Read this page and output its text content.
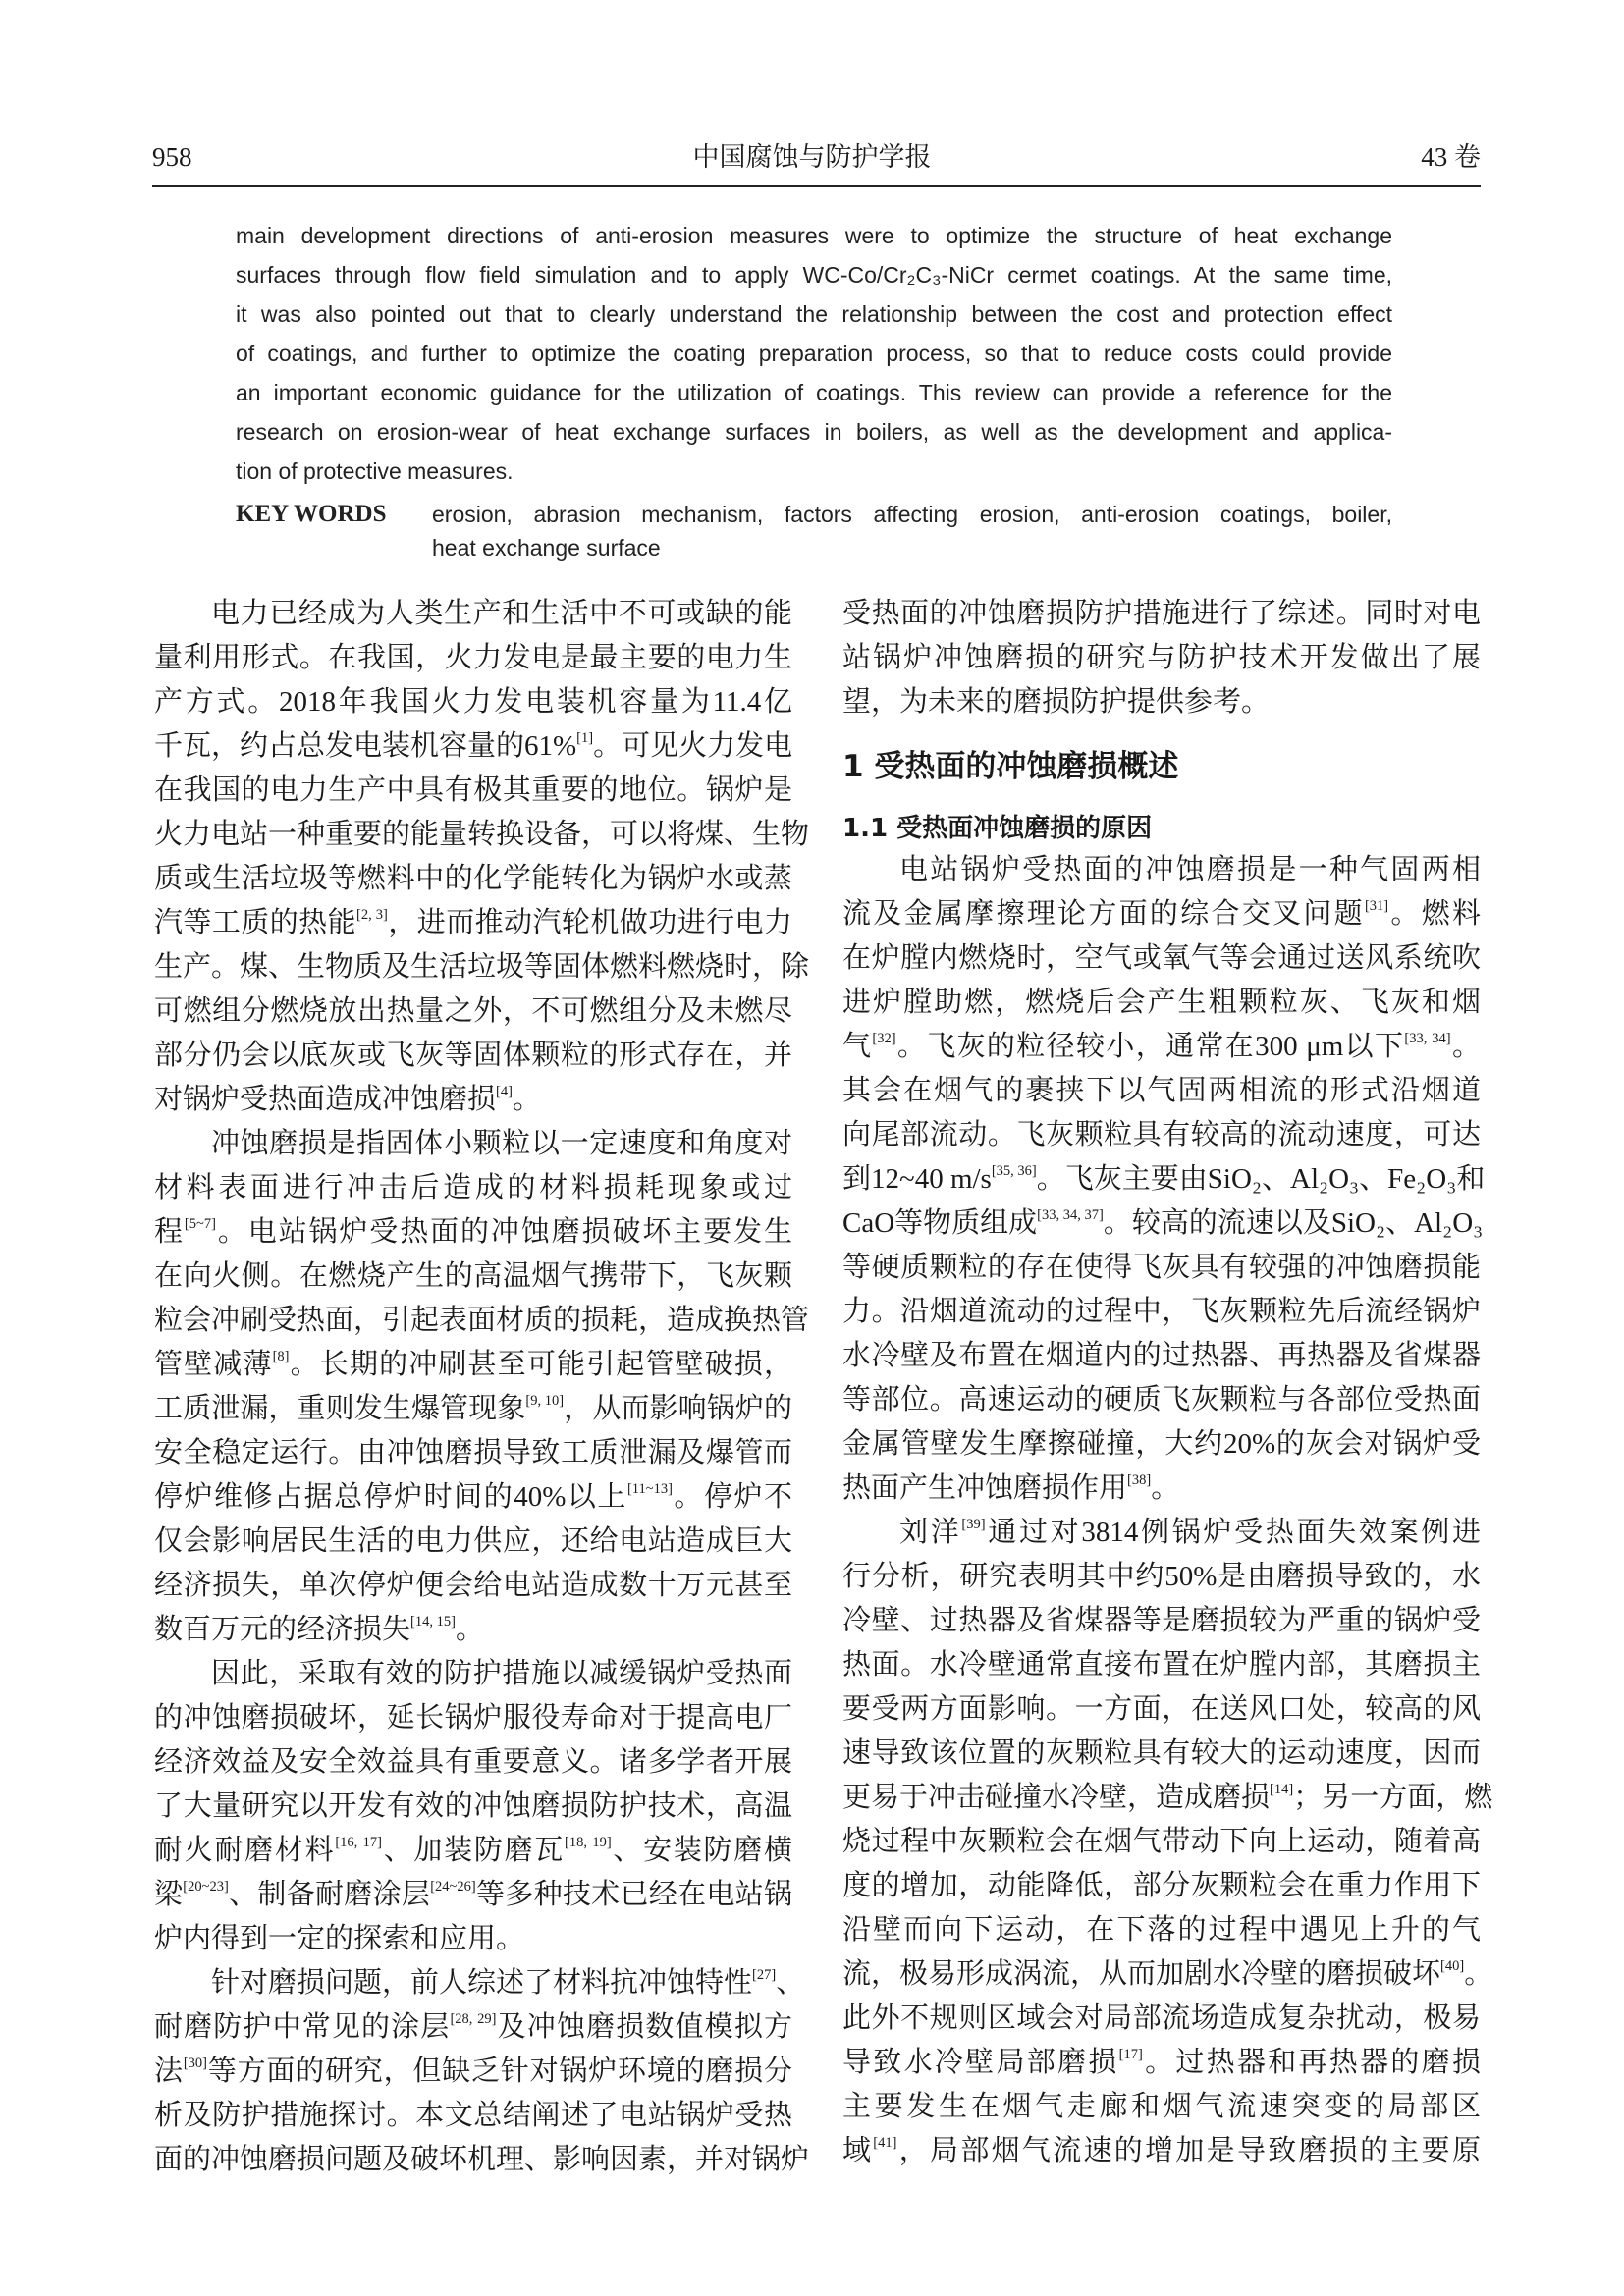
958	中国腐蚀与防护学报	43 卷
main development directions of anti-erosion measures were to optimize the structure of heat exchange
surfaces through flow field simulation and to apply WC-Co/Cr₂C₃-NiCr cermet coatings. At the same time,
it was also pointed out that to clearly understand the relationship between the cost and protection effect
of coatings, and further to optimize the coating preparation process, so that to reduce costs could provide
an important economic guidance for the utilization of coatings. This review can provide a reference for the
research on erosion-wear of heat exchange surfaces in boilers, as well as the development and applica-
tion of protective measures.
KEY WORDS erosion, abrasion mechanism, factors affecting erosion, anti-erosion coatings, boiler,
heat exchange surface
电力已经成为人类生产和生活中不可或缺的能
量利用形式。在我国，火力发电是最主要的电力生
产方式。2018年我国火力发电装机容量为11.4亿
千瓦，约占总发电装机容量的61%[1]。可见火力发电
在我国的电力生产中具有极其重要的地位。锅炉是
火力电站一种重要的能量转换设备，可以将煤、生物
质或生活垃圾等燃料中的化学能转化为锅炉水或蒸
汽等工质的热能[2, 3]，进而推动汽轮机做功进行电力
生产。煤、生物质及生活垃圾等固体燃料燃烧时，除
可燃组分燃烧放出热量之外，不可燃组分及未燃尽
部分仍会以底灰或飞灰等固体颗粒的形式存在，并
对锅炉受热面造成冲蚀磨损[4]。
冲蚀磨损是指固体小颗粒以一定速度和角度对
材料表面进行冲击后造成的材料损耗现象或过
程[5~7]。电站锅炉受热面的冲蚀磨损破坏主要发生
在向火侧。在燃烧产生的高温烟气携带下，飞灰颗
粒会冲刷受热面，引起表面材质的损耗，造成换热管
管壁减薄[8]。长期的冲刷甚至可能引起管壁破损，
工质泄漏，重则发生爆管现象[9, 10]，从而影响锅炉的
安全稳定运行。由冲蚀磨损导致工质泄漏及爆管而
停炉维修占据总停炉时间的40%以上[11~13]。停炉不
仅会影响居民生活的电力供应，还给电站造成巨大
经济损失，单次停炉便会给电站造成数十万元甚至
数百万元的经济损失[14, 15]。
因此，采取有效的防护措施以减缓锅炉受热面
的冲蚀磨损破坏，延长锅炉服役寿命对于提高电厂
经济效益及安全效益具有重要意义。诸多学者开展
了大量研究以开发有效的冲蚀磨损防护技术，高温
耐火耐磨材料[16, 17]、加装防磨瓦[18, 19]、安装防磨横
梁[20~23]、制备耐磨涂层[24~26]等多种技术已经在电站锅
炉内得到一定的探索和应用。
针对磨损问题，前人综述了材料抗冲蚀特性[27]、
耐磨防护中常见的涂层[28, 29]及冲蚀磨损数值模拟方
法[30]等方面的研究，但缺乏针对锅炉环境的磨损分
析及防护措施探讨。本文总结阐述了电站锅炉受热
面的冲蚀磨损问题及破坏机理、影响因素，并对锅炉
受热面的冲蚀磨损防护措施进行了综述。同时对电
站锅炉冲蚀磨损的研究与防护技术开发做出了展
望，为未来的磨损防护提供参考。
1 受热面的冲蚀磨损概述
1.1 受热面冲蚀磨损的原因
电站锅炉受热面的冲蚀磨损是一种气固两相
流及金属摩擦理论方面的综合交叉问题[31]。燃料
在炉膛内燃烧时，空气或氧气等会通过送风系统吹
进炉膛助燃，燃烧后会产生粗颗粒灰、飞灰和烟
气[32]。飞灰的粒径较小，通常在300 μm以下[33, 34]。
其会在烟气的裹挟下以气固两相流的形式沿烟道
向尾部流动。飞灰颗粒具有较高的流动速度，可达
到12~40 m/s[35, 36]。飞灰主要由SiO₂、Al₂O₃、Fe₂O₃和
CaO等物质组成[33, 34, 37]。较高的流速以及SiO₂、Al₂O₃
等硬质颗粒的存在使得飞灰具有较强的冲蚀磨损能
力。沿烟道流动的过程中，飞灰颗粒先后流经锅炉
水冷壁及布置在烟道内的过热器、再热器及省煤器
等部位。高速运动的硬质飞灰颗粒与各部位受热面
金属管壁发生摩擦碰撞，大约20%的灰会对锅炉受
热面产生冲蚀磨损作用[38]。
刘洋[39]通过对3814例锅炉受热面失效案例进
行分析，研究表明其中约50%是由磨损导致的，水
冷壁、过热器及省煤器等是磨损较为严重的锅炉受
热面。水冷壁通常直接布置在炉膛内部，其磨损主
要受两方面影响。一方面，在送风口处，较高的风
速导致该位置的灰颗粒具有较大的运动速度，因而
更易于冲击碰撞水冷壁，造成磨损[14]；另一方面，燃
烧过程中灰颗粒会在烟气带动下向上运动，随着高
度的增加，动能降低，部分灰颗粒会在重力作用下
沿壁而向下运动，在下落的过程中遇见上升的气
流，极易形成涡流，从而加剧水冷壁的磨损破坏[40]。
此外不规则区域会对局部流场造成复杂扰动，极易
导致水冷壁局部磨损[17]。过热器和再热器的磨损
主要发生在烟气走廊和烟气流速突变的局部区
域[41]，局部烟气流速的增加是导致磨损的主要原
